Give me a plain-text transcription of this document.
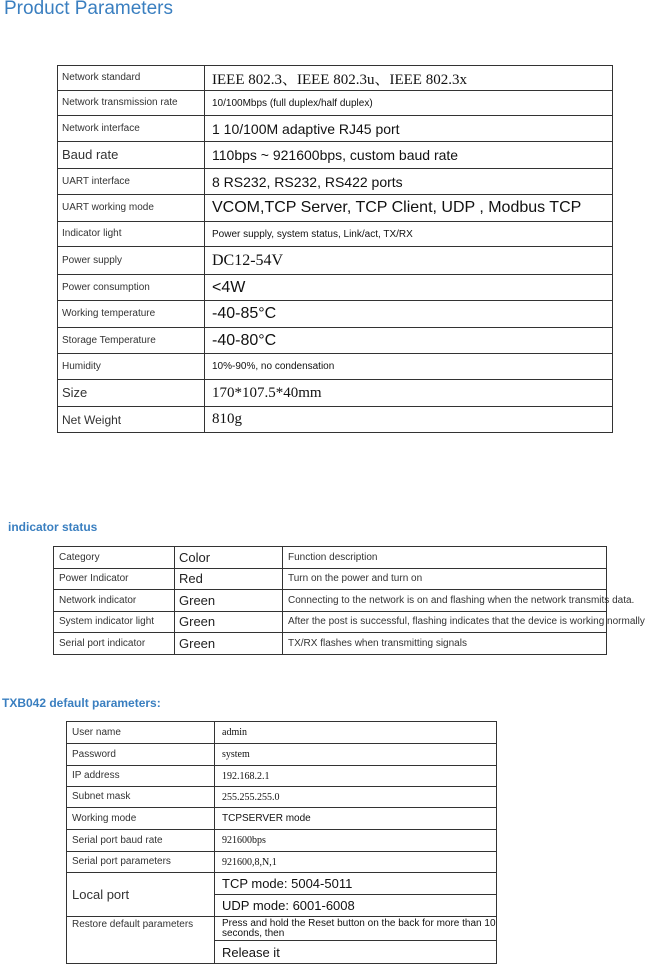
Product Parameters
Network standard	IEEE 802.3、IEEE 802.3u、IEEE 802.3x
Network transmission rate	10/100Mbps (full duplex/half duplex)
Network interface	1 10/100M adaptive RJ45 port
Baud rate	110bps ~ 921600bps, custom baud rate
UART interface	8 RS232, RS232, RS422 ports
UART working mode	VCOM,TCP Server, TCP Client, UDP , Modbus TCP
Indicator light	Power supply, system status, Link/act, TX/RX
Power supply	DC12-54V
Power consumption	<4W
Working temperature	-40-85°C
Storage Temperature	-40-80°C
Humidity	10%-90%, no condensation
Size	170*107.5*40mm
Net Weight	810g
indicator status
Category	Color	Function description
Power Indicator	Red	Turn on the power and turn on
Network indicator	Green	Connecting to the network is on and flashing when the network transmits data.
System indicator light	Green	After the post is successful, flashing indicates that the device is working normally
Serial port indicator	Green	TX/RX flashes when transmitting signals
TXB042 default parameters:
User name	admin
Password	system
IP address	192.168.2.1
Subnet mask	255.255.255.0
Working mode	TCPSERVER mode
Serial port baud rate	921600bps
Serial port parameters	921600,8,N,1
Local port	TCP mode: 5004-5011
	UDP mode: 6001-6008
Restore default parameters	Press and hold the Reset button on the back for more than 10 seconds, then
	Release it
